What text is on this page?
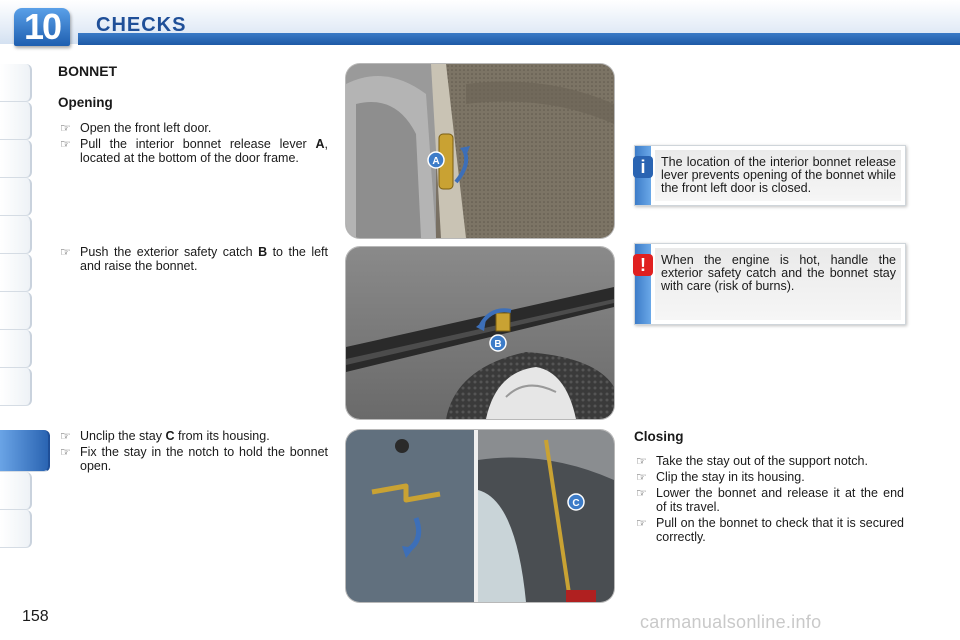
10	CHECKS
BONNET
Opening
☞ Open the front left door.
☞ Pull the interior bonnet release lever A, located at the bottom of the door frame.
☞ Push the exterior safety catch B to the left and raise the bonnet.
☞ Unclip the stay C from its housing.
☞ Fix the stay in the notch to hold the bonnet open.
A
B
C
i	The location of the interior bonnet release lever prevents opening of the bonnet while the front left door is closed.
!	When the engine is hot, handle the exterior safety catch and the bonnet stay with care (risk of burns).
Closing
☞ Take the stay out of the support notch.
☞ Clip the stay in its housing.
☞ Lower the bonnet and release it at the end of its travel.
☞ Pull on the bonnet to check that it is secured correctly.
158	carmanualsonline.info
